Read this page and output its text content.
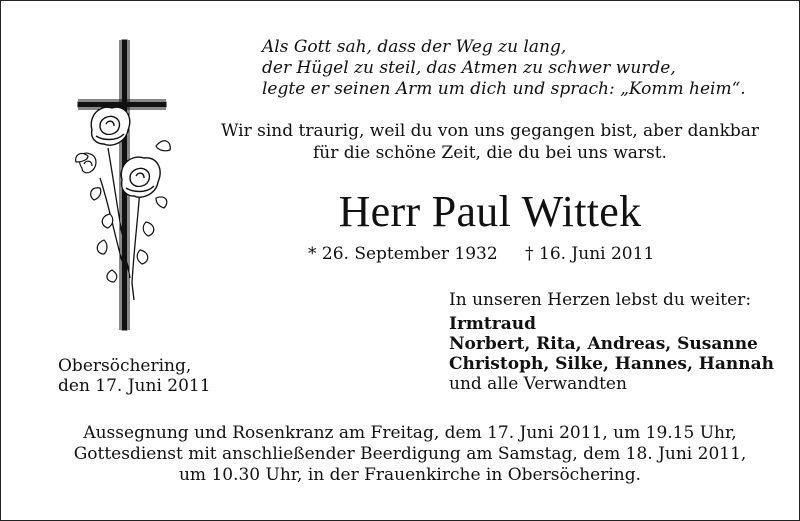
Als Gott sah, dass der Weg zu lang,
der Hügel zu steil, das Atmen zu schwer wurde,
legte er seinen Arm um dich und sprach: „Komm heim“.
Wir sind traurig, weil du von uns gegangen bist, aber dankbar
für die schöne Zeit, die du bei uns warst.
Herr Paul Wittek
* 26. September 1932 † 16. Juni 2011
In unseren Herzen lebst du weiter:
Irmtraud
Norbert, Rita, Andreas, Susanne
Christoph, Silke, Hannes, Hannah
und alle Verwandten
Obersöchering,
den 17. Juni 2011
Aussegnung und Rosenkranz am Freitag, dem 17. Juni 2011, um 19.15 Uhr,
Gottesdienst mit anschließender Beerdigung am Samstag, dem 18. Juni 2011,
um 10.30 Uhr, in der Frauenkirche in Obersöchering.
